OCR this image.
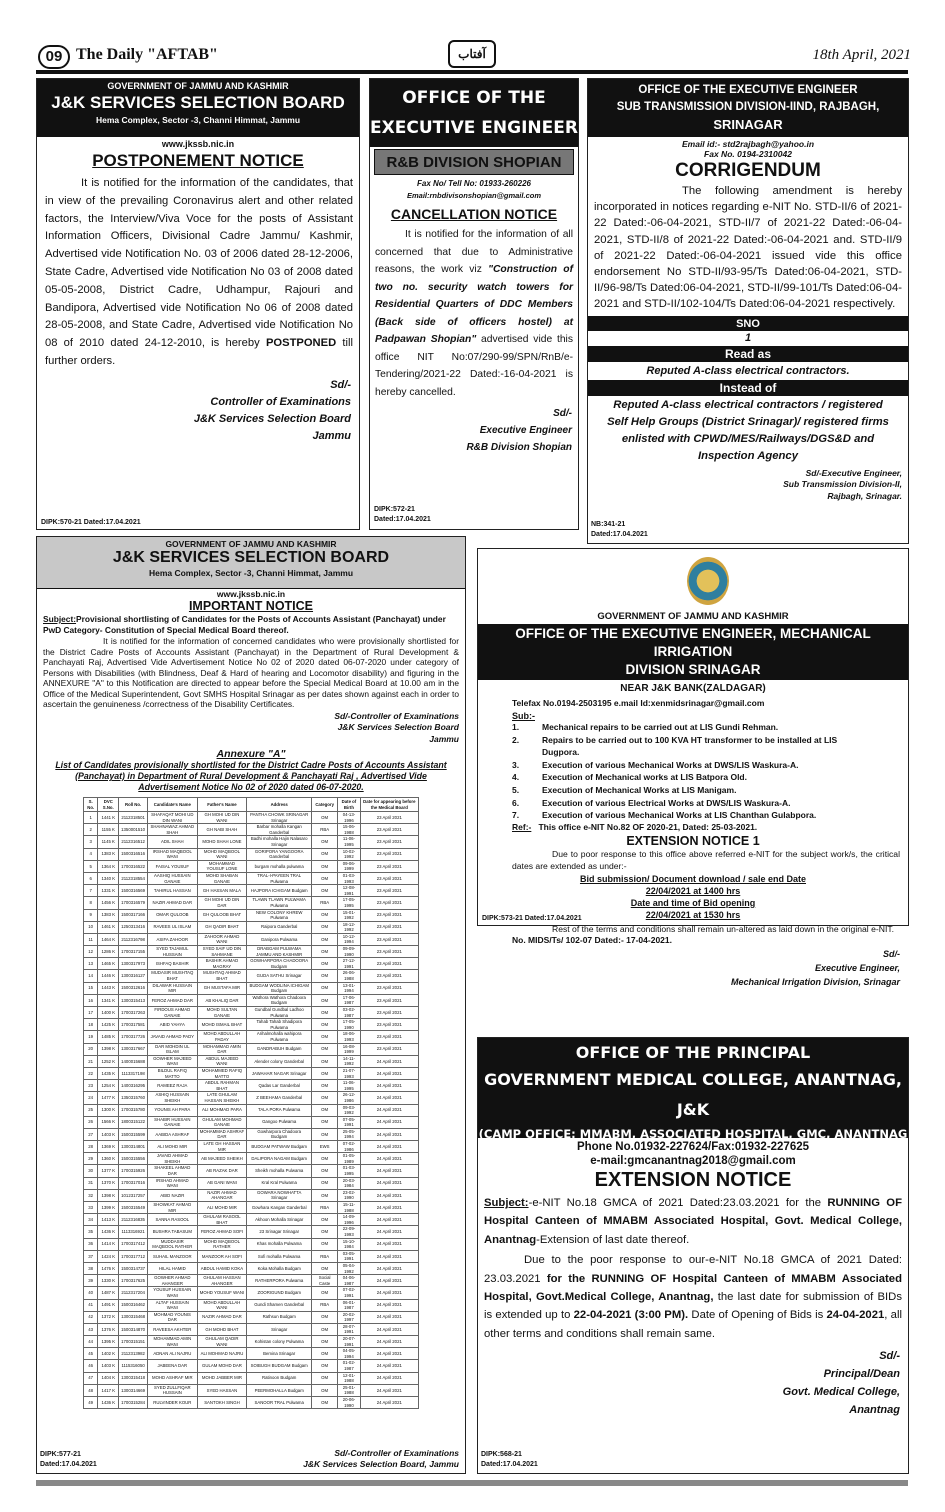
09 The Daily "AFTAB"	آفتاب	18th April, 2021
GOVERNMENT OF JAMMU AND KASHMIR
J&K SERVICES SELECTION BOARD
Hema Complex, Sector -3, Channi Himmat, Jammu
www.jkssb.nic.in
POSTPONEMENT NOTICE
It is notified for the information of the candidates, that in view of the prevailing Coronavirus alert and other related factors, the Interview/Viva Voce for the posts of Assistant Information Officers, Divisional Cadre Jammu/ Kashmir, Advertised vide Notification No. 03 of 2006 dated 28-12-2006, State Cadre, Advertised vide Notification No 03 of 2008 dated 05-05-2008, District Cadre, Udhampur, Rajouri and Bandipora, Advertised vide Notification No 06 of 2008 dated 28-05-2008, and State Cadre, Advertised vide Notification No 08 of 2010 dated 24-12-2010, is hereby POSTPONED till further orders.
Sd/-
Controller of Examinations
J&K Services Selection Board
Jammu
DIPK:570-21 Dated:17.04.2021
OFFICE OF THE
EXECUTIVE ENGINEER
R&B DIVISION SHOPIAN
Fax No/ Tell No: 01933-260226
Email:rnbdivisonshopian@gmail.com
CANCELLATION NOTICE
It is notified for the information of all concerned that due to Administrative reasons, the work viz "Construction of two no. security watch towers for Residential Quarters of DDC Members (Back side of officers hostel) at Padpawan Shopian" advertised vide this office NIT No:07/290-99/SPN/RnB/e-Tendering/2021-22 Dated:-16-04-2021 is hereby cancelled.
Sd/-
Executive Engineer
R&B Division Shopian
DIPK:572-21
Dated:17.04.2021
OFFICE OF THE EXECUTIVE ENGINEER
SUB TRANSMISSION DIVISION-IIND, RAJBAGH,
SRINAGAR
Email id:- std2rajbagh@yahoo.in
Fax No. 0194-2310042
CORRIGENDUM
The following amendment is hereby incorporated in notices regarding e-NIT No. STD-II/6 of 2021-22 Dated:-06-04-2021, STD-II/7 of 2021-22 Dated:-06-04-2021, STD-II/8 of 2021-22 Dated:-06-04-2021 and. STD-II/9 of 2021-22 Dated:-06-04-2021 issued vide this office endorsement No STD-II/93-95/Ts Dated:06-04-2021, STD-II/96-98/Ts Dated:06-04-2021, STD-II/99-101/Ts Dated:06-04-2021 and STD-II/102-104/Ts Dated:06-04-2021 respectively.
SNO
1
Read as
Reputed A-class electrical contractors.
Instead of
Reputed A-class electrical contractors / registered Self Help Groups (District Srinagar)/ registered firms enlisted with CPWD/MES/Railways/DGS&D and Inspection Agency
Sd/-Executive Engineer,
Sub Transmission Division-II,
Rajbagh, Srinagar.
NB:341-21
Dated:17.04.2021
GOVERNMENT OF JAMMU AND KASHMIR
J&K SERVICES SELECTION BOARD
Hema Complex, Sector -3, Channi Himmat, Jammu
www.jkssb.nic.in
IMPORTANT NOTICE
Subject:Provisional shortlisting of Candidates for the Posts of Accounts Assistant (Panchayat) under PwD Category- Constitution of Special Medical Board thereof.
It is notified for the information of concerned candidates who were provisionally shortlisted for the District Cadre Posts of Accounts Assistant (Panchayat) in the Department of Rural Development & Panchayati Raj, Advertised Vide Advertisement Notice No 02 of 2020 dated 06-07-2020 under category of Persons with Disabilities (with Blindness, Deaf & Hard of hearing and Locomotor disability) and figuring in the ANNEXURE "A" to this Notification are directed to appear before the Special Medical Board at 10.00 am in the Office of the Medical Superintendent, Govt SMHS Hospital Srinagar as per dates shown against each in order to ascertain the genuineness /correctness of the Disability Certificates.
Sd/-Controller of Examinations
J&K Services Selection Board
Jammu
Annexure "A"
List of Candidates provisionally shortlisted for the District Cadre Posts of Accounts Assistant (Panchayat) in Department of Rural Development & Panchayati Raj , Advertised Vide Advertisement Notice No 02 of 2020 dated 06-07-2020.
S. No.	DVC S.No.	Roll No.	Candidate's Name	Father's Name	Address	Category	Date of Birth	Date for appearing before the Medical Board
1	1441 K	2112318501	SHAFAQAT MOHI UD DIN WANI	GH MOHI UD DIN WANI	PANTHA CHOWK SRINAGAR Srinagar	OM	04-13-1996	23 April 2021
2	1155 K	1350001510	SHAHNAWAZ AHMAD SHAH	GH NABI SHAH	Barbar mohalla Kangan Ganderbal	RBA	15-06-1988	23 April 2021
3	1145 K	2112316512	ADIL SHAH	MOHD SHAH LONE	Badhi mohalla Hajin Nalasaro Srinagar	OM	11-06-1995	23 April 2021
4	1383 K	1500316516	IRSHAD MAQBOOL WANI	MOHD MAQBOOL WANI	GORIPORA YANGOORA Ganderbal	OM	10-02-1992	23 April 2021
5	1364 K	1700316522	FAISAL YOUSUF	MOHAMMAD YOUSUF LONE	burgam mohalla pulwama	OM	09-06-1999	23 April 2021
6	1340 K	2112318554	AASHIQ HUSSAIN GANAIE	MOHD SHABAN GANAIE	TRAL-I-PAYEEN TRAL Pulwama	OM	01-03-1993	23 April 2021
7	1331 K	1500316569	TAHIRUL HASSAN	GH HASSAN MALA	HAJPORA ICHIGAM Budgam	OM	12-08-1991	23 April 2021
8	1456 K	1700316579	NAZIR AHMAD DAR	GH MOHI UD DIN DAR	TLAWN TLAWN PULWAMA Pulwama	RBA	17-05-1995	23 April 2021
9	1383 K	1500317166	OMAR QULOOB	GH QULOOB BHAT	NEW COLONY KHREW Pulwama	OM	15-01-1992	23 April 2021
10	1461 K	1250313416	RAVEES UL ISLAM	GH QADIR BHAT	Raipora Ganderbal	OM	18-12-1992	23 April 2021
11	1464 K	2112316798	ASIFA ZAHOOR	ZAHOOR AHMAD WANI	Ganipora Pulwama	OM	10-12-1994	23 April 2021
12	1286 K	1700317155	SYED TAJAMUL HUSSAIN	SYED SAIF UD DIN SAHMANE	DRABGAM PULWAMA JAMMU AND KASHMIR	OM	09-09-1990	23 April 2021
13	1465 K	1300317973	ISHFAQ BASHIR	BASHIR AHMAD MAGRAY	GOWHARPORA CHADOORA Budgam	OM	27-12-1991	23 April 2021
14	1446 K	1300316127	MUDASIR MUSHTAQ BHAT	MUSHTAQ AHMAD BHAT	GUDA SATHU Srinagar	OM	26-06-1988	23 April 2021
15	1443 K	1500312616	DILAWAR HUSSAIN MIR	GH MUSTAFA MIR	BUDGAM WODLINA ICHIGAM Budgam	OM	13-01-1994	23 April 2021
16	1341 K	1300315413	FEROZ AHMAD DAR	AB KHALIQ DAR	Wathora Wathora Chadoora Budgam	OM	17-06-1987	23 April 2021
17	1400 K	1700317263	FIRDOUS AHMAD GANAIE	MOHD SULTAN GANAIE	Gundbal Gundbal Ladhoo Pulwama	OM	03-02-1987	23 April 2021
18	1425 K	1700317581	ABID YAHYA	MOHD ISMAIL BHAT	Tahab Tahab Shadipora Pulwama	OM	17-05-1990	23 April 2021
19	1485 K	1700317726	JAVAID AHMAD PADY	MOHD ABDULLAH PADAY	Arihalmohalla wahipora Pulwama	OM	18-06-1993	23 April 2021
20	1398 K	1300317667	DAR MOHDIN UL ISLAM	MOHAMMAD AMIN DAR	GANDRABUH Budgam	OM	16-08-1999	23 April 2021
21	1252 K	1400015688	GOWHER MAJEED WANI	ABDUL MAJEED WANI	Alender colony Ganderbal	OM	14-11-1992	24 April 2021
22	1435 K	1113317198	BILDUL RAFIQ MATTO	MOHAMMED RAFIQ MATTO	JAWAHAR NAGAR Srinagar	OM	21-07-1993	24 April 2021
23	1254 K	1400316295	RAMEEZ RAJA	ABDUL RAHMAN BHAT	Qadas Lar Ganderbal	OM	11-06-1995	24 April 2021
24	1477 K	1350315760	ASHIQ HUSSAIN SHEIKH	LATE GHULAM HASSAN SHEIKH	Z BEEHAMA Ganderbal	OM	26-12-1986	24 April 2021
25	1300 K	1700315780	YOUNIS AH PARA	ALI MOHMAD PARA	TALA PORA Pulwama	OM	09-03-1992	24 April 2021
26	1566 K	1800315122	SHABIR HUSSAIN GANAIE	GHULAM MOHMAD GANAIE	Gangoo Pulwama	OM	07-05-1991	24 April 2021
27	1403 K	1500315599	AABIDA ASHRAF	MOHAMMAD ASHRAF DAR	Gowharpora Chadoora Budgam	OM	25-05-1994	24 April 2021
28	1369 K	1300314801	ALI MOHD MIR	LATE GH HASSAN MIR	BUDGAM PATWAW Budgam	EWS	07-02-1986	24 April 2021
29	1360 K	1500315556	JAVAID AHMAD SHEIKH	AB MAJEED SHEIKH	DALIPORA NAGAM Budgam	OM	01-05-1989	24 April 2021
30	1377 K	1700315926	SHAKEEL AHMAD DAR	AB RAZAK DAR	Sheikh mohalla Pulwama	OM	01-03-1995	24 April 2021
31	1370 K	1700317016	IRSHAD AHMAD WANI	AB GANI WANI	Kral Kral Pulwama	OM	20-03-1984	24 April 2021
32	1398 K	1012317257	ABID NAZIR	NAZIR AHMAD AHANGAR	GOWARA NOWHATTA Srinagar	OM	23-02-1990	24 April 2021
33	1399 K	1500315549	SHOWKAT AHMAD MIR	ALI MOHD MIR	Gowhara Kangan Ganderbal	RBA	15-11-1988	24 April 2021
34	1413 K	2112316835	SANNA RASOOL	GHULAM RASOOL BHAT	Akhoon Mohalla Srinagar	OM	14-09-1996	24 April 2021
35	1436 K	1113316921	BUSHRA TABASUM	FEROZ AHMAD SOFI	23 Srinagar Srinagar	OM	22-09-1993	24 April 2021
36	1414 K	1700317412	MUDDASIR MAQBOOL RATHER	MOHD MAQBOOL RATHER	Khas mohalla Pulwama	OM	15-10-1984	24 April 2021
37	1424 K	1700317712	SUHAIL MANZOOR	MANZOOR AH SOFI	Sofi mohalla Pulwama	RBA	03-05-1991	24 April 2021
38	1476 K	1500314737	HILAL HAMID	ABDUL HAMID KOKA	Koka Mohalla Budgam	OM	05-04-1992	24 April 2021
39	1330 K	1700317625	GOWHER AHMAD AHANGER	GHULAM HASSAN AHANGER	RATHERPORA Pulwama	Social Caste	04-06-1987	24 April 2021
40	1487 K	2112317204	YOUSUF HUSSAIN WANI	MOHD YOUSUF WANI	ZOORIGUND Budgam	OM	07-02-1991	24 April 2021
41	1491 K	1500316462	ALTAF HUSSAIN WANI	MOHD ABDULLAH WANI	Gundi Shamen Ganderbal	RBA	06-01-1987	24 April 2021
42	1372 K	1300315468	MOHMAD YOUNIS DAR	NAZIR AHMAD DAR	Rathsun Budgam	OM	20-02-1997	24 April 2021
43	1376 K	1500314870	RAVEESA AKHTER	GH MOHD BHAT	Srinagar	OM	28-07-1991	24 April 2021
44	1395 K	1700315151	MOHAMMAD AMIN WANI	GHULAM QADIR WANI	Kohistan colony Pulwama	OM	20-07-1991	24 April 2021
45	1402 K	2112313982	ADNAN ALI NAJRU	ALI MOHMAD NAJRU	Bemina Srinagar	OM	04-05-1994	24 April 2021
46	1403 K	1115316050	JABEENA DAR	GULAM MOHD DAR	SOIBUGH BUDGAM Budgam	OM	01-02-1987	24 April 2021
47	1404 K	1300315418	MOHD ASHRAF MIR	MOHD JABBER MIR	Ratinoon Budgam	OM	12-01-1988	24 April 2021
48	1417 K	1300314669	SYED ZULLFIQAR HUSSAIN	SYED HASSAN	PEERMOHALLA Budgam	OM	25-01-1988	24 April 2021
49	1436 K	1700315284	RULVINDER KOUR	SANTOKH SINGH	SANOOR TRAL Pulwama	OM	20-06-1990	24 April 2021
Sd/-Controller of Examinations
J&K Services Selection Board, Jammu
DIPK:577-21
Dated:17.04.2021
GOVERNMENT OF JAMMU AND KASHMIR
OFFICE OF THE EXECUTIVE ENGINEER, MECHANICAL IRRIGATION
DIVISION SRINAGAR
NEAR J&K BANK(ZALDAGAR)
Telefax No.0194-2503195 e.mail Id:xenmidsrinagar@gmail.com
Sub:-
1.	Mechanical repairs to be carried out at LIS Gundi Rehman.
2.	Repairs to be carried out to 100 KVA HT transformer to be installed at LIS Dugpora.
3.	Execution of various Mechanical Works at DWS/LIS Waskura-A.
4.	Execution of Mechanical works at LIS Batpora Old.
5.	Execution of Mechanical Works at LIS Manigam.
6.	Execution of various Electrical Works at DWS/LIS Waskura-A.
7.	Execution of various Mechanical Works at LIS Chanthan Gulabpora.
Ref:- This office e-NIT No.82 OF 2020-21, Dated: 25-03-2021.
EXTENSION NOTICE 1
Due to poor response to this office above referred e-NIT for the subject work/s, the critical dates are extended as under:-
Bid submission/ Document download / sale end Date
22/04/2021 at 1400 hrs
Date and time of Bid opening
22/04/2021 at 1530 hrs
Rest of the terms and conditions shall remain un-altered as laid down in the original e-NIT.
No. MIDS/Ts/ 102-07 Dated:- 17-04-2021.
Sd/-
Executive Engineer,
Mechanical Irrigation Division, Srinagar
DIPK:573-21 Dated:17.04.2021
OFFICE OF THE PRINCIPAL
GOVERNMENT MEDICAL COLLEGE, ANANTNAG, J&K
(CAMP OFFICE: MMABM, ASSOCIATED HOSPITAL, GMC, ANANTNAG
Phone No.01932-227624/Fax:01932-227625
e-mail:gmcanantnag2018@gmail.com
EXTENSION NOTICE
Subject:-e-NIT No.18 GMCA of 2021 Dated:23.03.2021 for the RUNNING OF Hospital Canteen of MMABM Associated Hospital, Govt. Medical College, Anantnag-Extension of last date thereof.
Due to the poor response to our-e-NIT No.18 GMCA of 2021 Dated: 23.03.2021 for the RUNNING OF Hospital Canteen of MMABM Associated Hospital, Govt.Medical College, Anantnag, the last date for submission of BIDs is extended up to 22-04-2021 (3:00 PM). Date of Opening of Bids is 24-04-2021, all other terms and conditions shall remain same.
Sd/-
Principal/Dean
Govt. Medical College,
Anantnag
DIPK:568-21
Dated:17.04.2021
